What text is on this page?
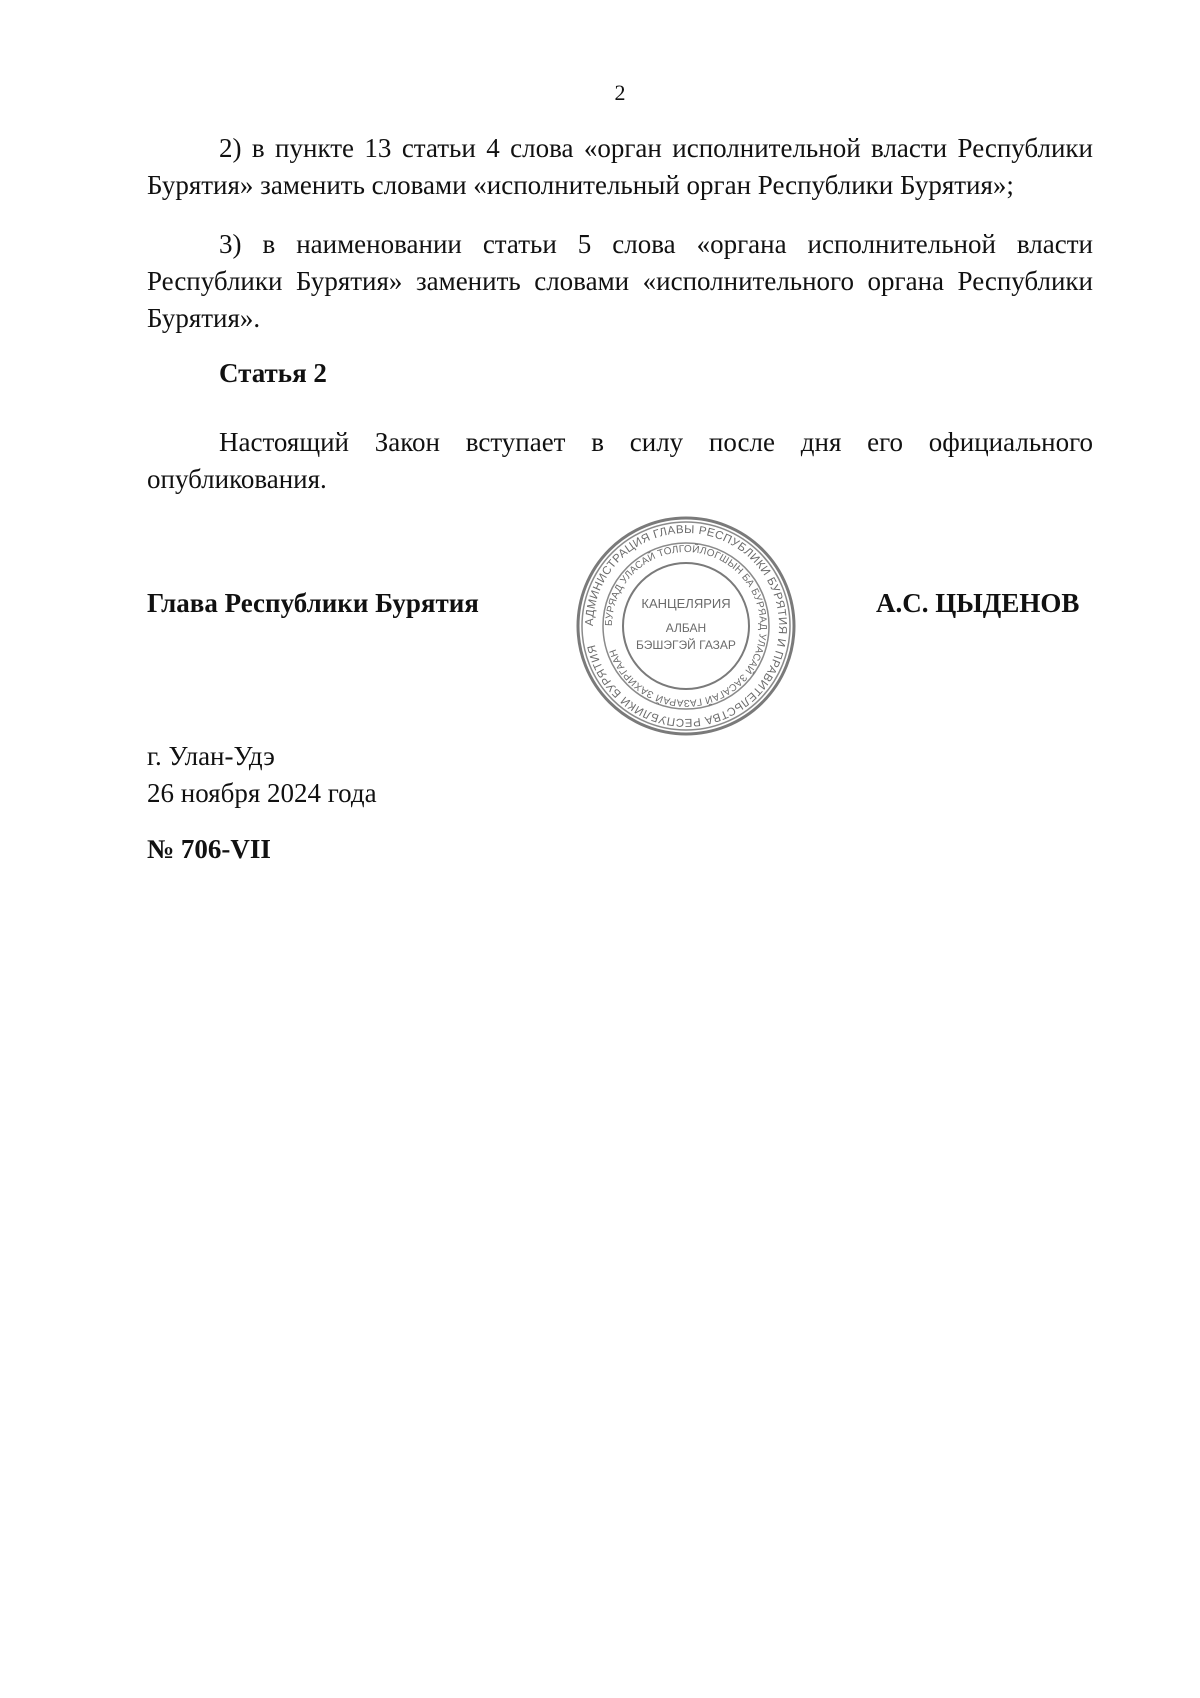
2

2) в пункте 13 статьи 4 слова «орган исполнительной власти Республики Бурятия» заменить словами «исполнительный орган Республики Бурятия»;

3) в наименовании статьи 5 слова «органа исполнительной власти Республики Бурятия» заменить словами «исполнительного органа Республики Бурятия».

Статья 2

Настоящий Закон вступает в силу после дня его официального опубликования.

Глава Республики Бурятия
АДМИНИСТРАЦИЯ ГЛАВЫ РЕСПУБЛИКИ БУРЯТИЯ И ПРАВИТЕЛЬСТВА РЕСПУБЛИКИ БУРЯТИЯ
БУРЯАД УЛАСАЙ ТОЛГОЙЛОГШЫН БА БУРЯАД УЛАСАЙ ЗАСАГАЙ ГАЗАРАЙ ЗАХИРГААН
КАНЦЕЛЯРИЯ
АЛБАН
БЭШЭГЭЙ ГАЗАР
А.С. ЦЫДЕНОВ
г. Улан-Удэ
26 ноября 2024 года
№ 706-VII
